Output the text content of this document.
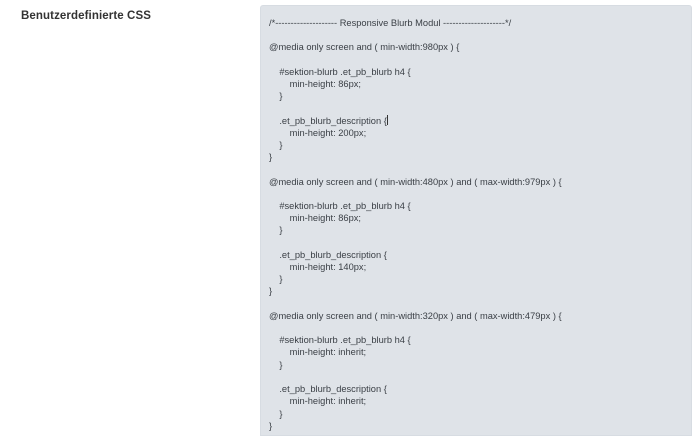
Benutzerdefinierte CSS
/*-------------------- Responsive Blurb Modul --------------------*/

@media only screen and ( min-width:980px ) {

#sektion-blurb .et_pb_blurb h4 {
min-height: 86px;
}

.et_pb_blurb_description {
min-height: 200px;
}
}

@media only screen and ( min-width:480px ) and ( max-width:979px ) {

#sektion-blurb .et_pb_blurb h4 {
min-height: 86px;
}

.et_pb_blurb_description {
min-height: 140px;
}
}

@media only screen and ( min-width:320px ) and ( max-width:479px ) {

#sektion-blurb .et_pb_blurb h4 {
min-height: inherit;
}

.et_pb_blurb_description {
min-height: inherit;
}
}
